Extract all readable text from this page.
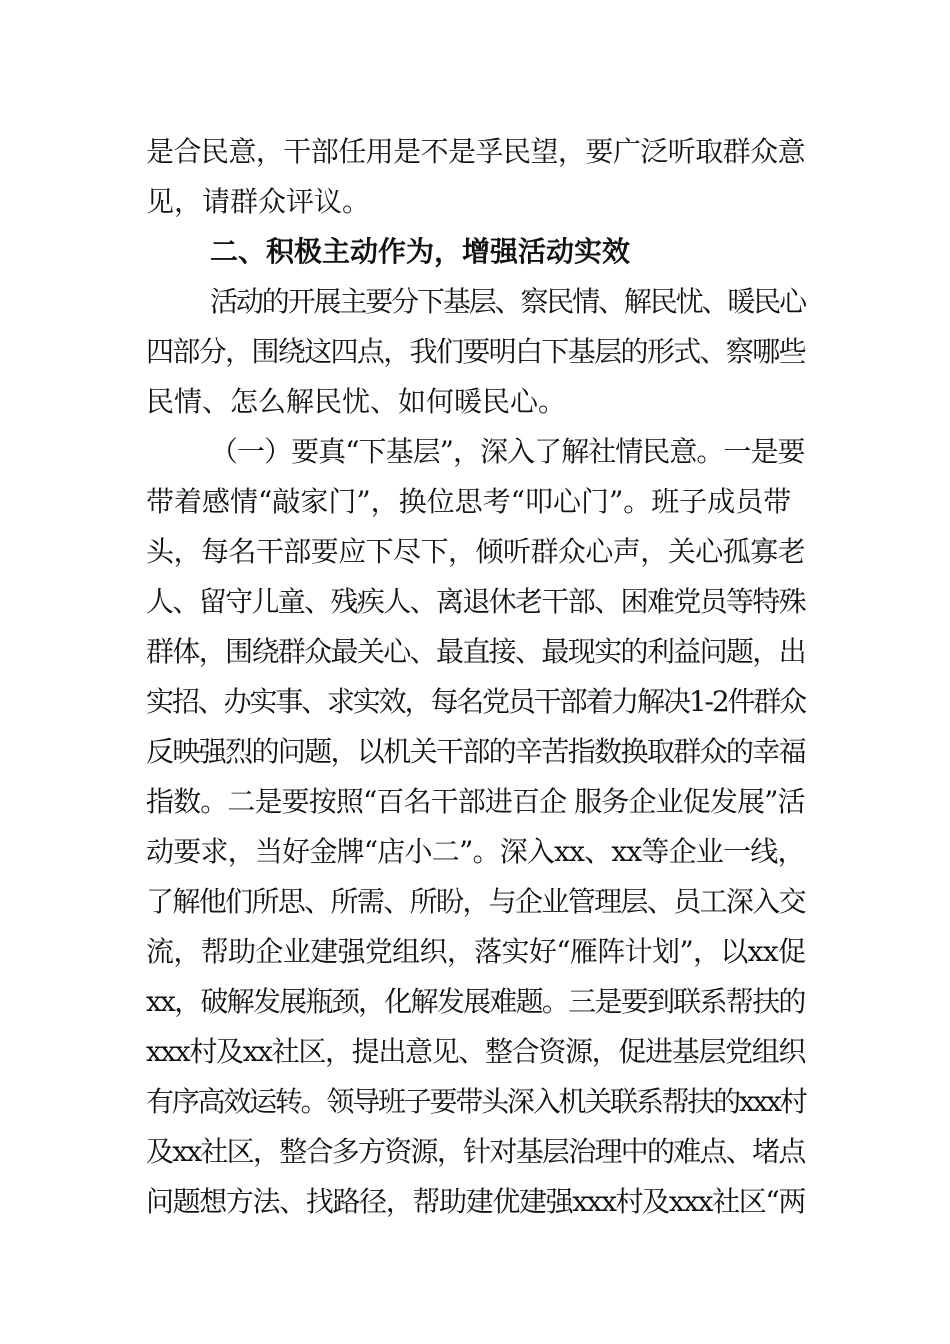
是合民意，干部任用是不是孚民望，要广泛听取群众意
见，请群众评议。
二、积极主动作为，增强活动实效
活动的开展主要分下基层、察民情、解民忧、暖民心
四部分，围绕这四点，我们要明白下基层的形式、察哪些
民情、怎么解民忧、如何暖民心。
（一）要真“下基层”，深入了解社情民意。一是要
带着感情“敲家门”，换位思考“叩心门”。班子成员带
头，每名干部要应下尽下，倾听群众心声，关心孤寡老
人、留守儿童、残疾人、离退休老干部、困难党员等特殊
群体，围绕群众最关心、最直接、最现实的利益问题，出
实招、办实事、求实效，每名党员干部着力解决1-2件群众
反映强烈的问题，以机关干部的辛苦指数换取群众的幸福
指数。二是要按照“百名干部进百企 服务企业促发展”活
动要求，当好金牌“店小二”。深入xx、xx等企业一线，
了解他们所思、所需、所盼，与企业管理层、员工深入交
流，帮助企业建强党组织，落实好“雁阵计划”，以xx促
xx，破解发展瓶颈，化解发展难题。三是要到联系帮扶的
xxx村及xx社区，提出意见、整合资源，促进基层党组织
有序高效运转。领导班子要带头深入机关联系帮扶的xxx村
及xx社区，整合多方资源，针对基层治理中的难点、堵点
问题想方法、找路径，帮助建优建强xxx村及xxx社区“两
